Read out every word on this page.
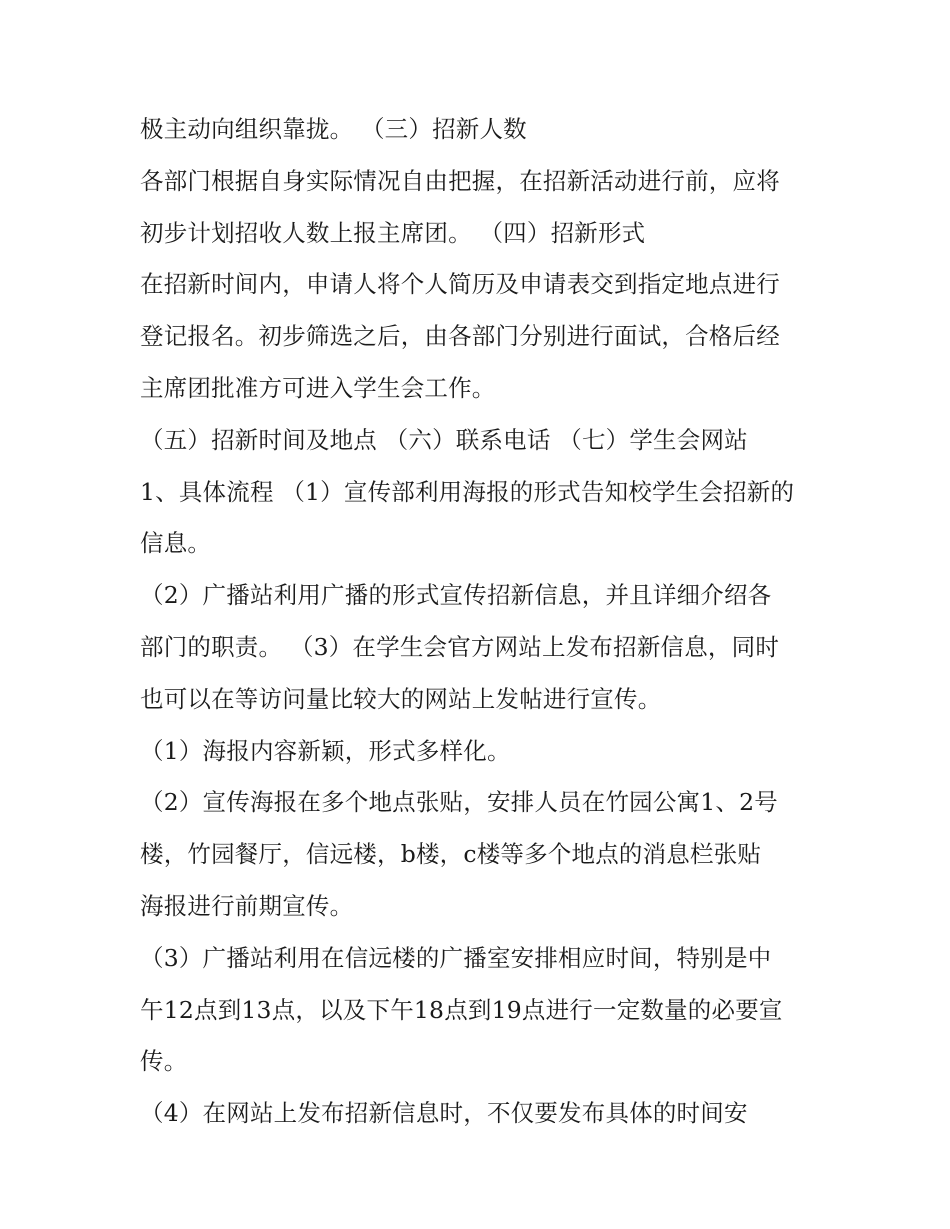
极主动向组织靠拢。 （三）招新人数
各部门根据自身实际情况自由把握，在招新活动进行前，应将
初步计划招收人数上报主席团。 （四）招新形式
在招新时间内，申请人将个人简历及申请表交到指定地点进行
登记报名。初步筛选之后，由各部门分别进行面试，合格后经
主席团批准方可进入学生会工作。
（五）招新时间及地点 （六）联系电话 （七）学生会网站
1、具体流程 （1）宣传部利用海报的形式告知校学生会招新的
信息。
（2）广播站利用广播的形式宣传招新信息，并且详细介绍各
部门的职责。 （3）在学生会官方网站上发布招新信息，同时
也可以在等访问量比较大的网站上发帖进行宣传。
（1）海报内容新颖，形式多样化。
（2）宣传海报在多个地点张贴，安排人员在竹园公寓1、2号
楼，竹园餐厅，信远楼，b楼，c楼等多个地点的消息栏张贴
海报进行前期宣传。
（3）广播站利用在信远楼的广播室安排相应时间，特别是中
午12点到13点，以及下午18点到19点进行一定数量的必要宣
传。
（4）在网站上发布招新信息时，不仅要发布具体的时间安
